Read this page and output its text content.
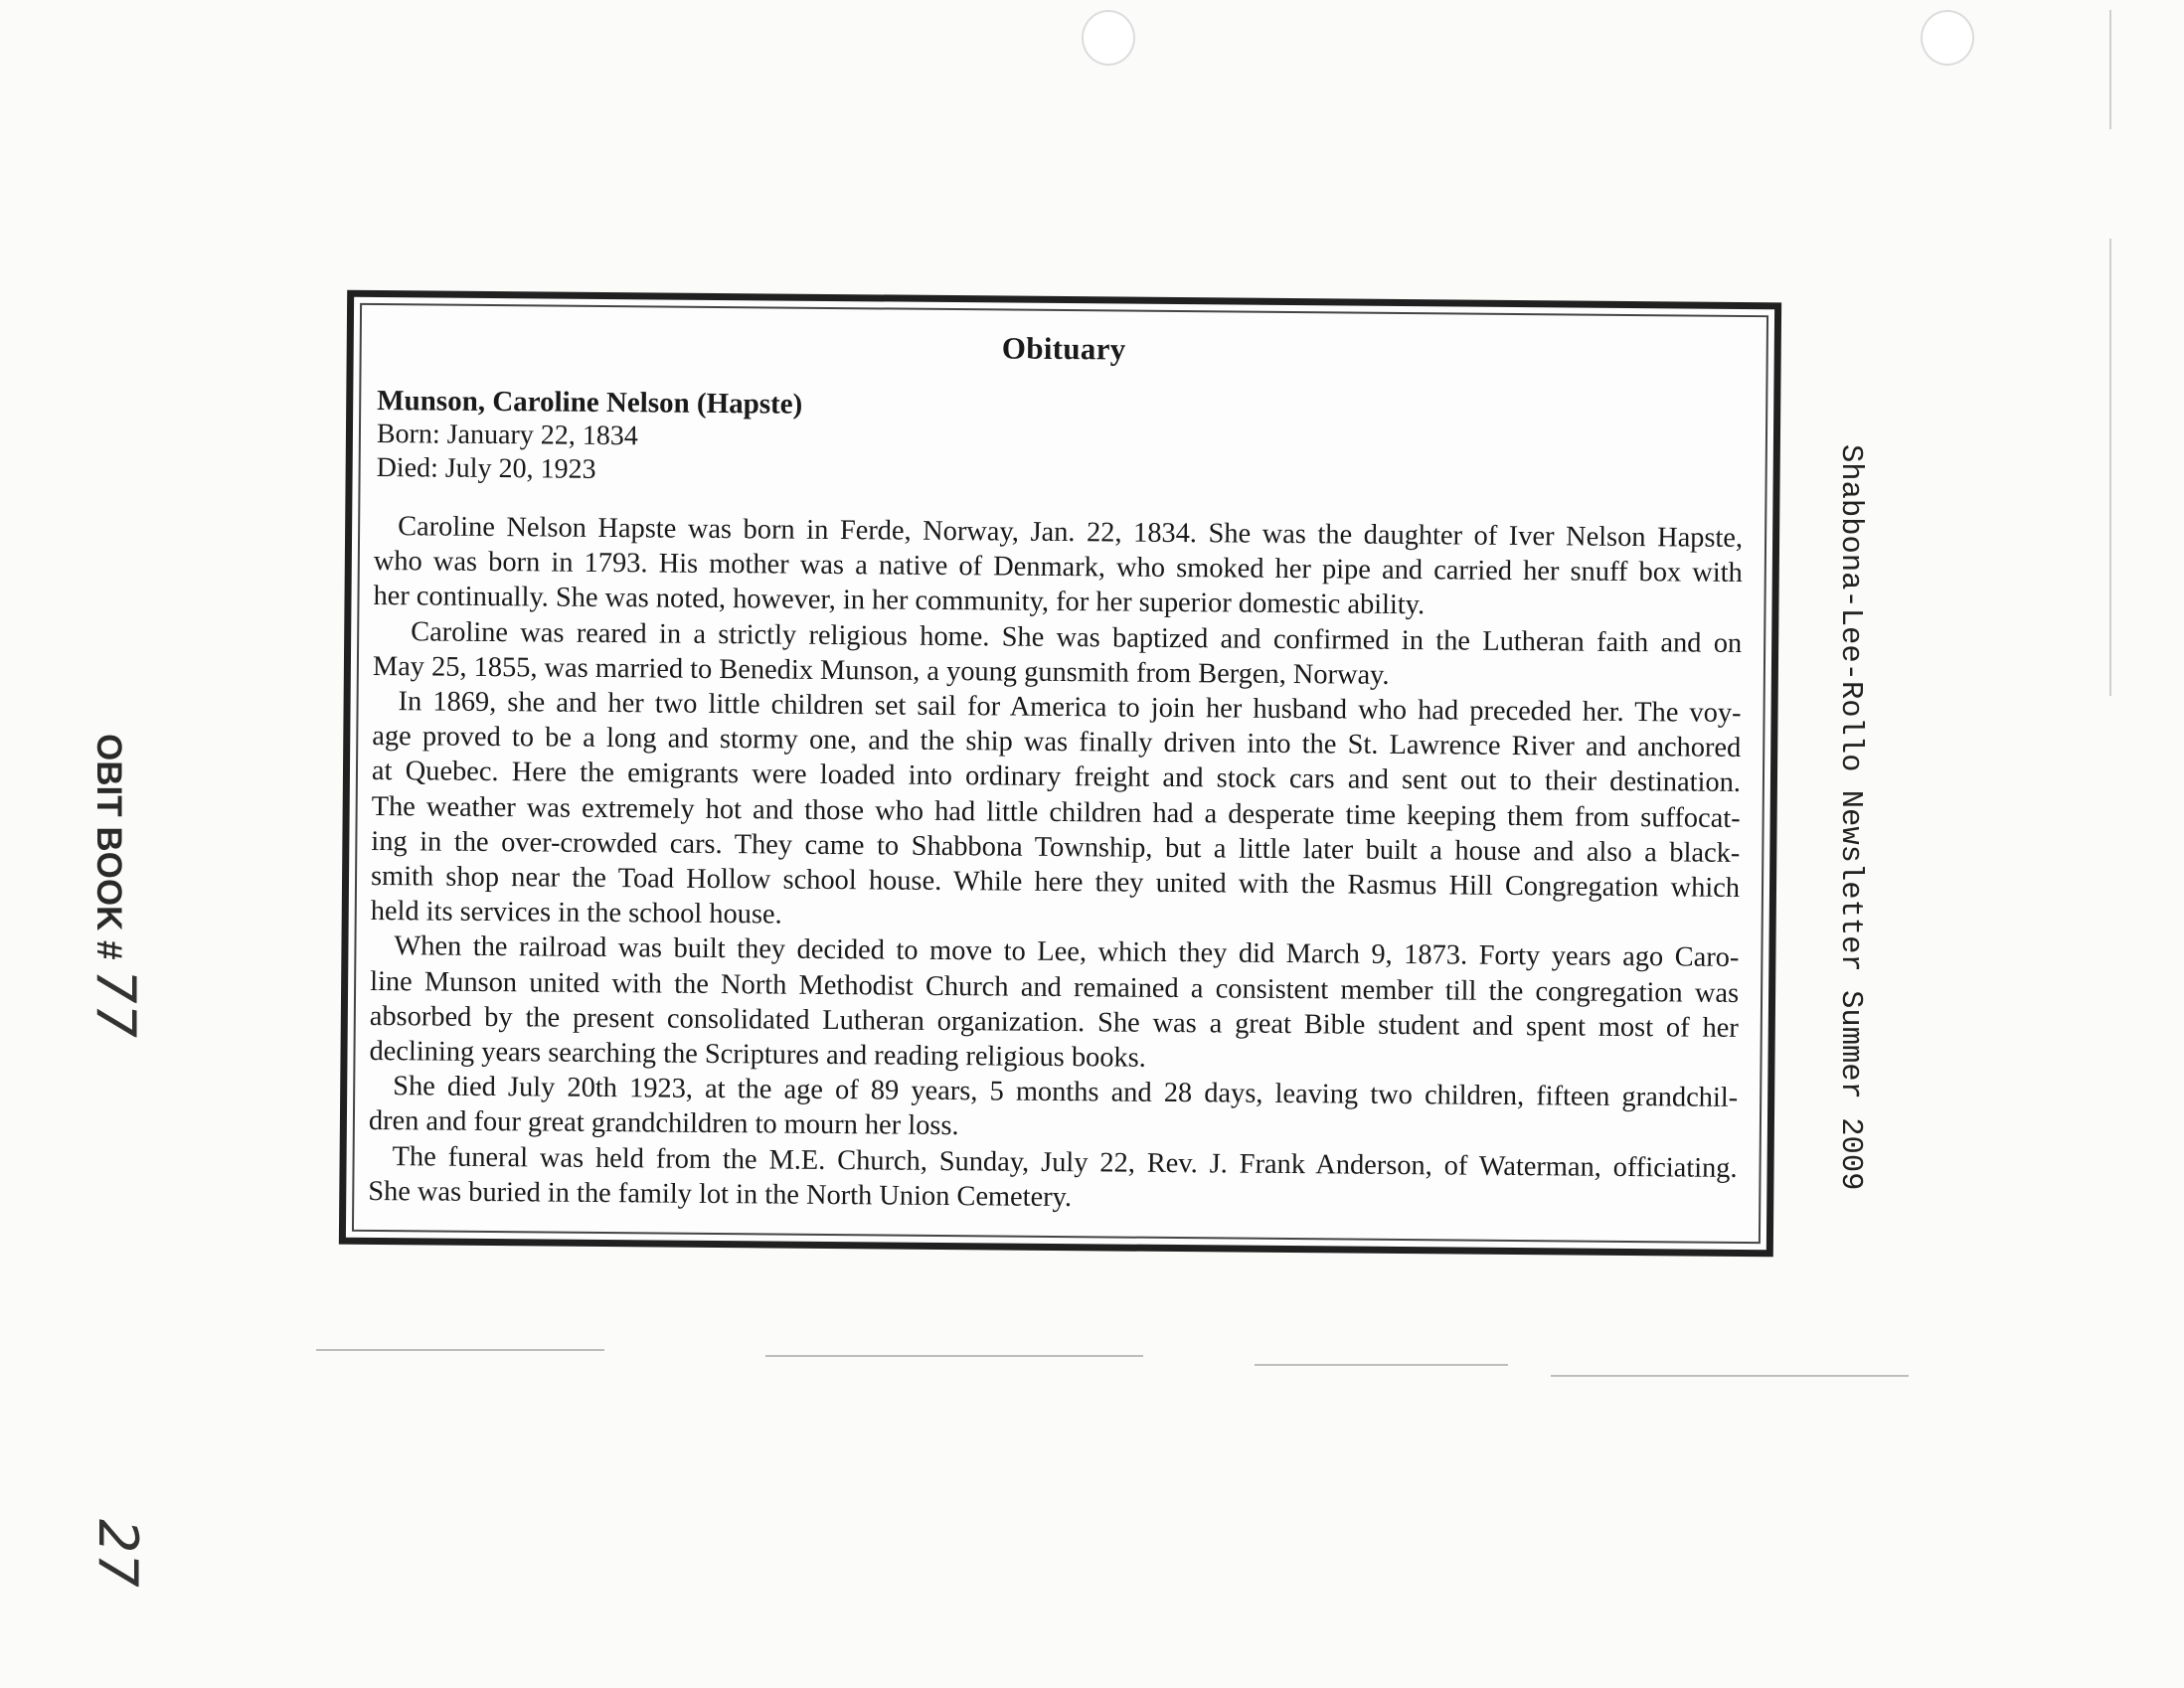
Obituary
Munson, Caroline Nelson (Hapste)
Born: January 22, 1834
Died: July 20, 1923
Caroline Nelson Hapste was born in Ferde, Norway, Jan. 22, 1834. She was the daughter of Iver Nelson Hapste,
who was born in 1793. His mother was a native of Denmark, who smoked her pipe and carried her snuff box with
her continually. She was noted, however, in her community, for her superior domestic ability.
Caroline was reared in a strictly religious home. She was baptized and confirmed in the Lutheran faith and on
May 25, 1855, was married to Benedix Munson, a young gunsmith from Bergen, Norway.
In 1869, she and her two little children set sail for America to join her husband who had preceded her. The voy-
age proved to be a long and stormy one, and the ship was finally driven into the St. Lawrence River and anchored
at Quebec. Here the emigrants were loaded into ordinary freight and stock cars and sent out to their destination.
The weather was extremely hot and those who had little children had a desperate time keeping them from suffocat-
ing in the over-crowded cars. They came to Shabbona Township, but a little later built a house and also a black-
smith shop near the Toad Hollow school house. While here they united with the Rasmus Hill Congregation which
held its services in the school house.
When the railroad was built they decided to move to Lee, which they did March 9, 1873. Forty years ago Caro-
line Munson united with the North Methodist Church and remained a consistent member till the congregation was
absorbed by the present consolidated Lutheran organization. She was a great Bible student and spent most of her
declining years searching the Scriptures and reading religious books.
She died July 20th 1923, at the age of 89 years, 5 months and 28 days, leaving two children, fifteen grandchil-
dren and four great grandchildren to mourn her loss.
The funeral was held from the M.E. Church, Sunday, July 22, Rev. J. Frank Anderson, of Waterman, officiating.
She was buried in the family lot in the North Union Cemetery.
Shabbona-Lee-Rollo Newsletter Summer 2009
OBIT BOOK # 77
27
